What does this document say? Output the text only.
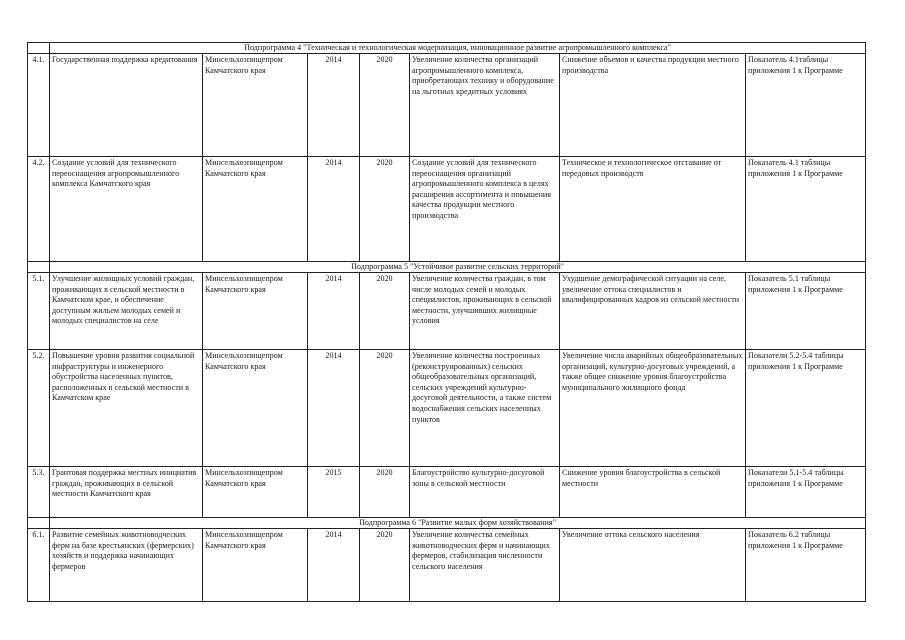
	Подпрограмма 4 "Техническая и технологическая модернизация, инновационное развитие агропромышленного комплекса"						
4.1.	Государственная поддержка кредитования	Минсельхозпищепром Камчатского края	2014	2020	Увеличение количества организаций агропромышленного комплекса, приобретающих технику и оборудование на льготных кредитных условиях	Снижение объемов и качества продукции местного производства	Показатель 4.1таблицы приложения 1 к Программе
4.2.	Создание условий для технического переоснащения агропромышленного комплекса Камчатского края	Минсельхозпищепром Камчатского края	2014	2020	Создание условий для технического переоснащения организаций агропромышленного комплекса в целях расширения ассортимента и повышения качества продукции местного производства	Техническое и технологическое отставание от передовых производств	Показатель 4.1 таблицы приложения 1 к Программе
	Подпрограмма 5 "Устойчивое развитие сельских территорий"						
5.1.	Улучшение жилищных условий граждан, проживающих в сельской местности в Камчатском крае, и обеспечение доступным жильем молодых семей и молодых специалистов на селе	Минсельхозпищепром Камчатского края	2014	2020	Увеличение количества граждан, в том числе молодых семей и молодых специалистов, проживающих в сельской местности, улучшивших жилищные условия	Ухудшение демографической ситуации на селе, увеличение оттока специалистов и квалифицированных кадров из сельской местности	Показатель 5.1 таблицы приложения 1 к Программе
5.2.	Повышение уровня развития социальной инфраструктуры и инженерного обустройства населенных пунктов, расположенных в сельской местности в Камчатском крае	Минсельхозпищепром Камчатского края	2014	2020	Увеличение количества построенных (реконструированных) сельских общеобразовательных организаций, сельских учреждений культурно-досуговой деятельности, а также систем водоснабжения сельских населенных пунктов	Увеличение числа аварийных общеобразовательных организаций, культурно-досуговых учреждений, а также общее снижение уровня благоустройства муниципального жилищного фонда	Показатели 5.2-5.4 таблицы приложения 1 к Программе
5.3.	Грантовая поддержка местных инициатив граждан, проживающих в сельской местности Камчатского края	Минсельхозпищепром Камчатского края	2015	2020	Благоустройство культурно-досуговой зоны в сельской местности	Снижение уровня благоустройства в сельской местности	Показатели 5.1-5.4 таблицы приложения 1 к Программе
	Подпрограмма 6 "Развитие малых форм хозяйствования"						
6.1.	Развитие семейных животноводческих ферм на базе крестьянских (фермерских) хозяйств и поддержка начинающих фермеров	Минсельхозпищепром Камчатского края	2014	2020	Увеличение количества семейных животноводческих ферм и начинающих фермеров, стабилизация численности сельского населения	Увеличение оттока сельского населения	Показатель 6.2 таблицы приложения 1 к Программе
